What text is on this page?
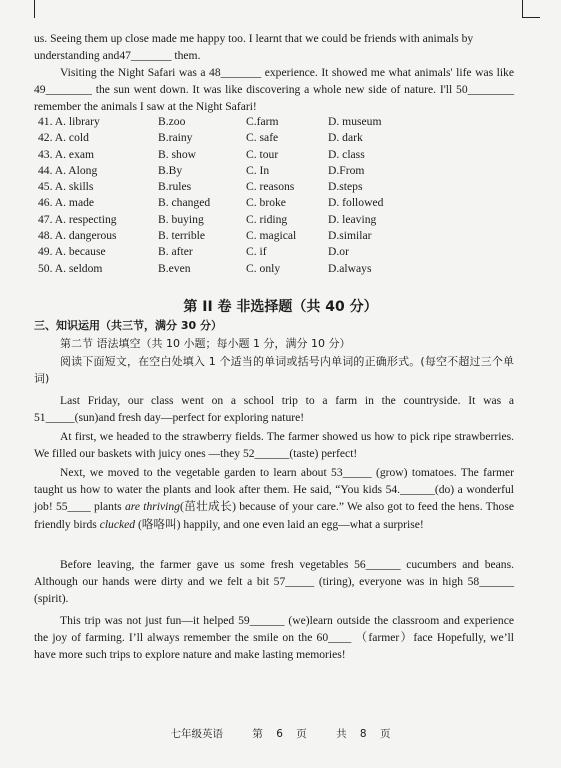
us. Seeing them up close made me happy too. I learnt that we could be friends with animals by
understanding and47_______ them.
Visiting the Night Safari was a 48_______ experience. It showed me what animals' life was like 49________ the sun went down. It was like discovering a whole new side of nature. I'll 50________ remember the animals I saw at the Night Safari!
41. A. library	B.zoo	C.farm	D. museum
42. A. cold	B.rainy	C. safe	D. dark
43. A. exam	B. show	C. tour	D. class
44. A. Along	B.By	C. In	D.From
45. A. skills	B.rules	C. reasons	D.steps
46. A. made	B. changed	C. broke	D. followed
47. A. respecting	B. buying	C. riding	D. leaving
48. A. dangerous	B. terrible	C. magical	D.similar
49. A. because	B. after	C. if	D.or
50. A. seldom	B.even	C. only	D.always
第 II 卷 非选择题（共 40 分）
三、知识运用（共三节，满分 30 分）
第二节 语法填空（共 10 小题；每小题 1 分，满分 10 分）
阅读下面短文，在空白处填入 1 个适当的单词或括号内单词的正确形式。(每空不超过三个单词)
Last Friday, our class went on a school trip to a farm in the countryside. It was a 51_____(sun)and fresh day—perfect for exploring nature!
At first, we headed to the strawberry fields. The farmer showed us how to pick ripe strawberries. We filled our baskets with juicy ones —they 52______(taste) perfect!
Next, we moved to the vegetable garden to learn about 53_____ (grow) tomatoes. The farmer taught us how to water the plants and look after them. He said, “You kids 54.______(do) a wonderful job! 55____ plants are thriving(茁壮成长) because of your care.” We also got to feed the hens. Those friendly birds clucked (咯咯叫) happily, and one even laid an egg—what a surprise!
Before leaving, the farmer gave us some fresh vegetables 56______ cucumbers and beans. Although our hands were dirty and we felt a bit 57_____ (tiring), everyone was in high 58______ (spirit).
This trip was not just fun—it helped 59______ (we)learn outside the classroom and experience the joy of farming. I’ll always remember the smile on the 60____ （farmer）face Hopefully, we’ll have more such trips to explore nature and make lasting memories!
七年级英语	第 6 页	共 8 页
